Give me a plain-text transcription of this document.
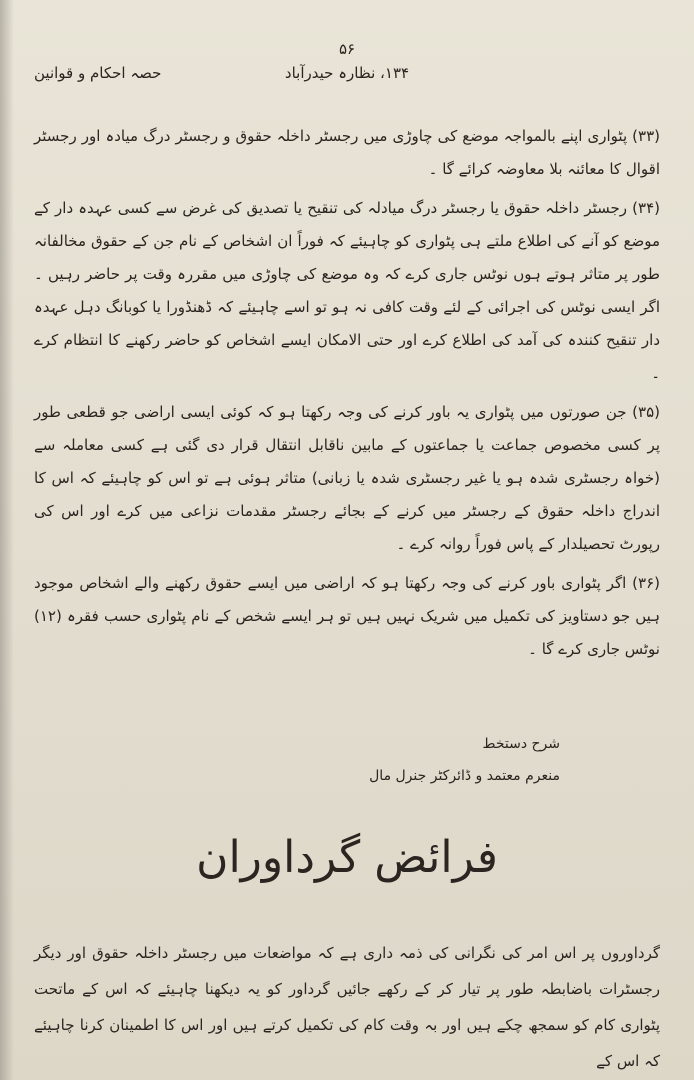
۵۶
۱۳۴، نظارہ حیدرآباد
حصہ احکام و قوانین

(۳۳) پٹواری اپنے بالمواجہ موضع کی چاوڑی میں رجسٹر داخلہ حقوق و رجسٹر درگ میادہ اور رجسٹر اقوال کا معائنہ بلا معاوضہ کرائے گا ۔

(۳۴) رجسٹر داخلہ حقوق یا رجسٹر درگ میادلہ کی تنقیح یا تصدیق کی غرض سے کسی عہدہ دار کے موضع کو آنے کی اطلاع ملتے ہی پٹواری کو چاہیئے کہ فوراً ان اشخاص کے نام جن کے حقوق مخالفانہ طور پر متاثر ہوتے ہوں نوٹس جاری کرے کہ وہ موضع کی چاوڑی میں مقررہ وقت پر حاضر رہیں ۔ اگر ایسی نوٹس کی اجرائی کے لئے وقت کافی نہ ہو تو اسے چاہیئے کہ ڈھنڈورا یا کوبانگ دہل عہدہ دار تنقیح کنندہ کی آمد کی اطلاع کرے اور حتی الامکان ایسے اشخاص کو حاضر رکھنے کا انتظام کرے ۔

(۳۵) جن صورتوں میں پٹواری یہ باور کرنے کی وجہ رکھتا ہو کہ کوئی ایسی اراضی جو قطعی طور پر کسی مخصوص جماعت یا جماعتوں کے مابین ناقابل انتقال قرار دی گئی ہے کسی معاملہ سے (خواہ رجسٹری شدہ ہو یا غیر رجسٹری شدہ یا زبانی) متاثر ہوئی ہے تو اس کو چاہیئے کہ اس کا اندراج داخلہ حقوق کے رجسٹر میں کرنے کے بجائے رجسٹر مقدمات نزاعی میں کرے اور اس کی رپورٹ تحصیلدار کے پاس فوراً روانہ کرے ۔

(۳۶) اگر پٹواری باور کرنے کی وجہ رکھتا ہو کہ اراضی میں ایسے حقوق رکھنے والے اشخاص موجود ہیں جو دستاویز کی تکمیل میں شریک نہیں ہیں تو ہر ایسے شخص کے نام پٹواری حسب فقرہ (۱۲) نوٹس جاری کرے گا ۔

شرح دستخط
منعرم معتمد و ڈائرکٹر جنرل مال
فرائض گرداوران

گرداوروں پر اس امر کی نگرانی کی ذمہ داری ہے کہ مواضعات میں رجسٹر داخلہ حقوق اور دیگر رجسٹرات باضابطہ طور پر تیار کر کے رکھے جائیں گرداور کو یہ دیکھنا چاہیئے کہ اس کے ماتحت پٹواری کام کو سمجھ چکے ہیں اور بہ وقت کام کی تکمیل کرتے ہیں اور اس کا اطمینان کرنا چاہیئے کہ اس کے
